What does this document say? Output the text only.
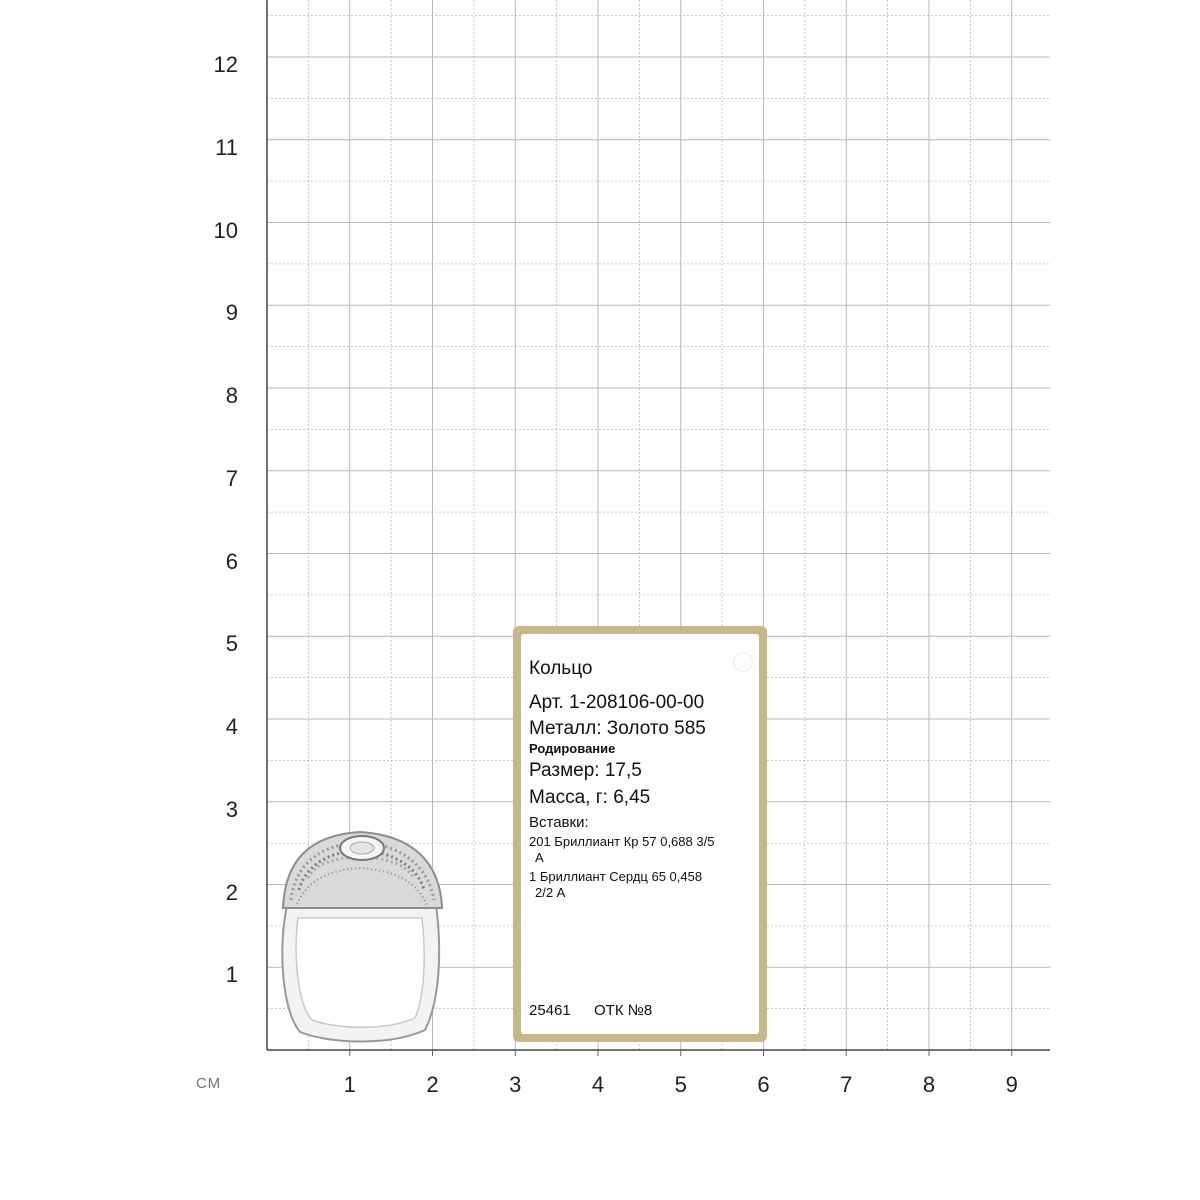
12
11
10
9
8
7
6
5
4
3
2
1
1	2	3	4	5	6	7	8	9
СМ
Кольцо
Арт. 1-208106-00-00
Металл: Золото 585
Родирование
Размер: 17,5
Масса, г: 6,45
Вставки:
201 Бриллиант Кр 57 0,688 3/5
А
1 Бриллиант Сердц 65 0,458
2/2 А
25461 ОТК №8
